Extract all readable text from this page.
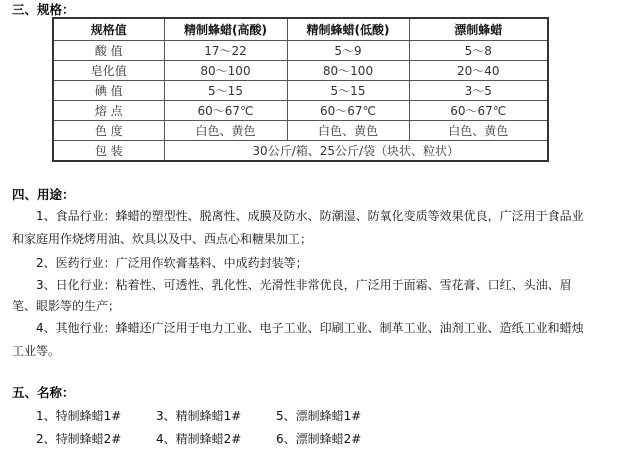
三、规格：
规格值	精制蜂蜡(高酸)	精制蜂蜡(低酸)	漂制蜂蜡
酸 值	17～22	5～9	5～8
皂化值	80～100	80～100	20～40
碘 值	5～15	5～15	3～5
熔 点	60～67℃	60～67℃	60～67℃
色 度	白色、黄色	白色、黄色	白色、黄色
包 装	30公斤/箱、25公斤/袋（块状、粒状）		
四、用途：
1、食品行业：蜂蜡的塑型性、脱离性、成膜及防水、防潮湿、防氧化变质等效果优良，广泛用于食品业
和家庭用作烧烤用油、炊具以及中、西点心和糖果加工；
2、医药行业：广泛用作软膏基料、中成药封装等；
3、日化行业：粘着性、可透性、乳化性、光滑性非常优良，广泛用于面霜、雪花膏、口红、头油、眉
笔、眼影等的生产；
4、其他行业：蜂蜡还广泛用于电力工业、电子工业、印刷工业、制革工业、油剂工业、造纸工业和蜡烛
工业等。
五、名称：
1、特制蜂蜡1#	3、精制蜂蜡1#	5、漂制蜂蜡1#
2、特制蜂蜡2#	4、精制蜂蜡2#	6、漂制蜂蜡2#
